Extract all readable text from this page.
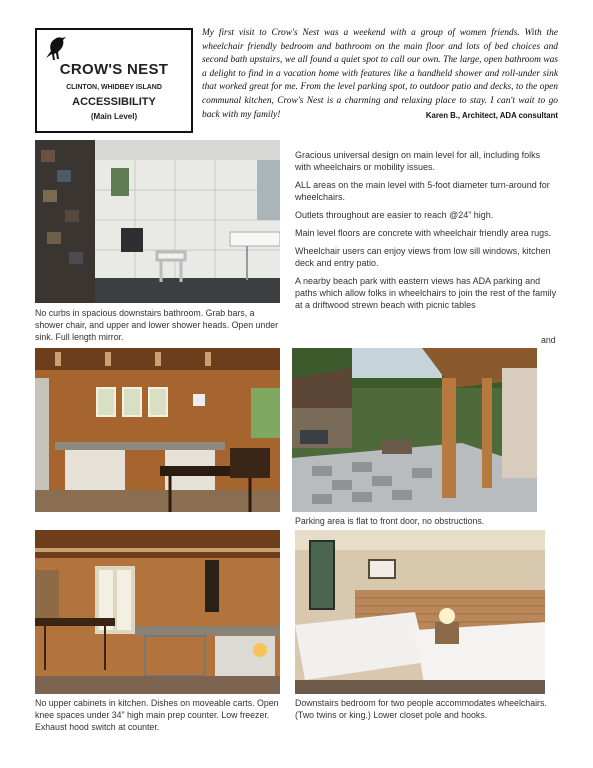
CROW'S NEST
CLINTON, WHIDBEY ISLAND
ACCESSIBILITY
(Main Level)
My first visit to Crow's Nest was a weekend with a group of women friends. With the wheelchair friendly bedroom and bathroom on the main floor and lots of bed choices and second bath upstairs, we all found a quiet spot to call our own. The large, open bathroom was a delight to find in a vacation home with features like a handheld shower and roll-under sink that worked great for me. From the level parking spot, to outdoor patio and decks, to the open communal kitchen, Crow's Nest is a charming and relaxing place to stay. I can't wait to go back with my family!	Karen B., Architect, ADA consultant
No curbs in spacious downstairs bathroom. Grab bars, a shower chair, and upper and lower shower heads. Open under sink. Full length mirror.

Gracious universal design on main level for all, including folks with wheelchairs or mobility issues.

ALL areas on the main level with 5-foot diameter turn-around for wheelchairs.

Outlets throughout are easier to reach @24” high.

Main level floors are concrete with wheelchair friendly area rugs.

Wheelchair users can enjoy views from low sill windows, kitchen deck and entry patio.

A nearby beach park with eastern views has ADA parking and paths which allow folks in wheelchairs to join the rest of the family at a driftwood strewn beach with picnic tables

and
Parking area is flat to front door, no obstructions.
No upper cabinets in kitchen. Dishes on moveable carts. Open knee spaces under 34” high main prep counter. Low freezer. Exhaust hood switch at counter.
Downstairs bedroom for two people accommodates wheelchairs. (Two twins or king.) Lower closet pole and hooks.
